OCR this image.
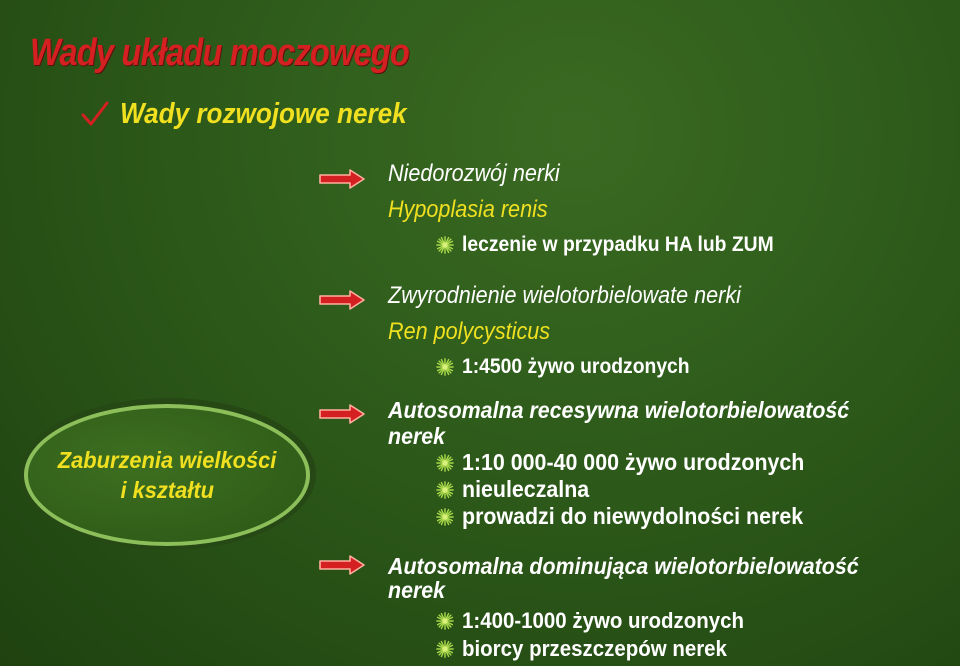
Wady układu moczowego
Wady rozwojowe nerek
Zaburzenia wielkości
i kształtu
Niedorozwój nerki
Hypoplasia renis
leczenie w przypadku HA lub ZUM
Zwyrodnienie wielotorbielowate nerki
Ren polycysticus
1:4500 żywo urodzonych
Autosomalna recesywna wielotorbielowatość
nerek
1:10 000-40 000 żywo urodzonych
nieuleczalna
prowadzi do niewydolności nerek
Autosomalna dominująca wielotorbielowatość
nerek
1:400-1000 żywo urodzonych
biorcy przeszczepów nerek
